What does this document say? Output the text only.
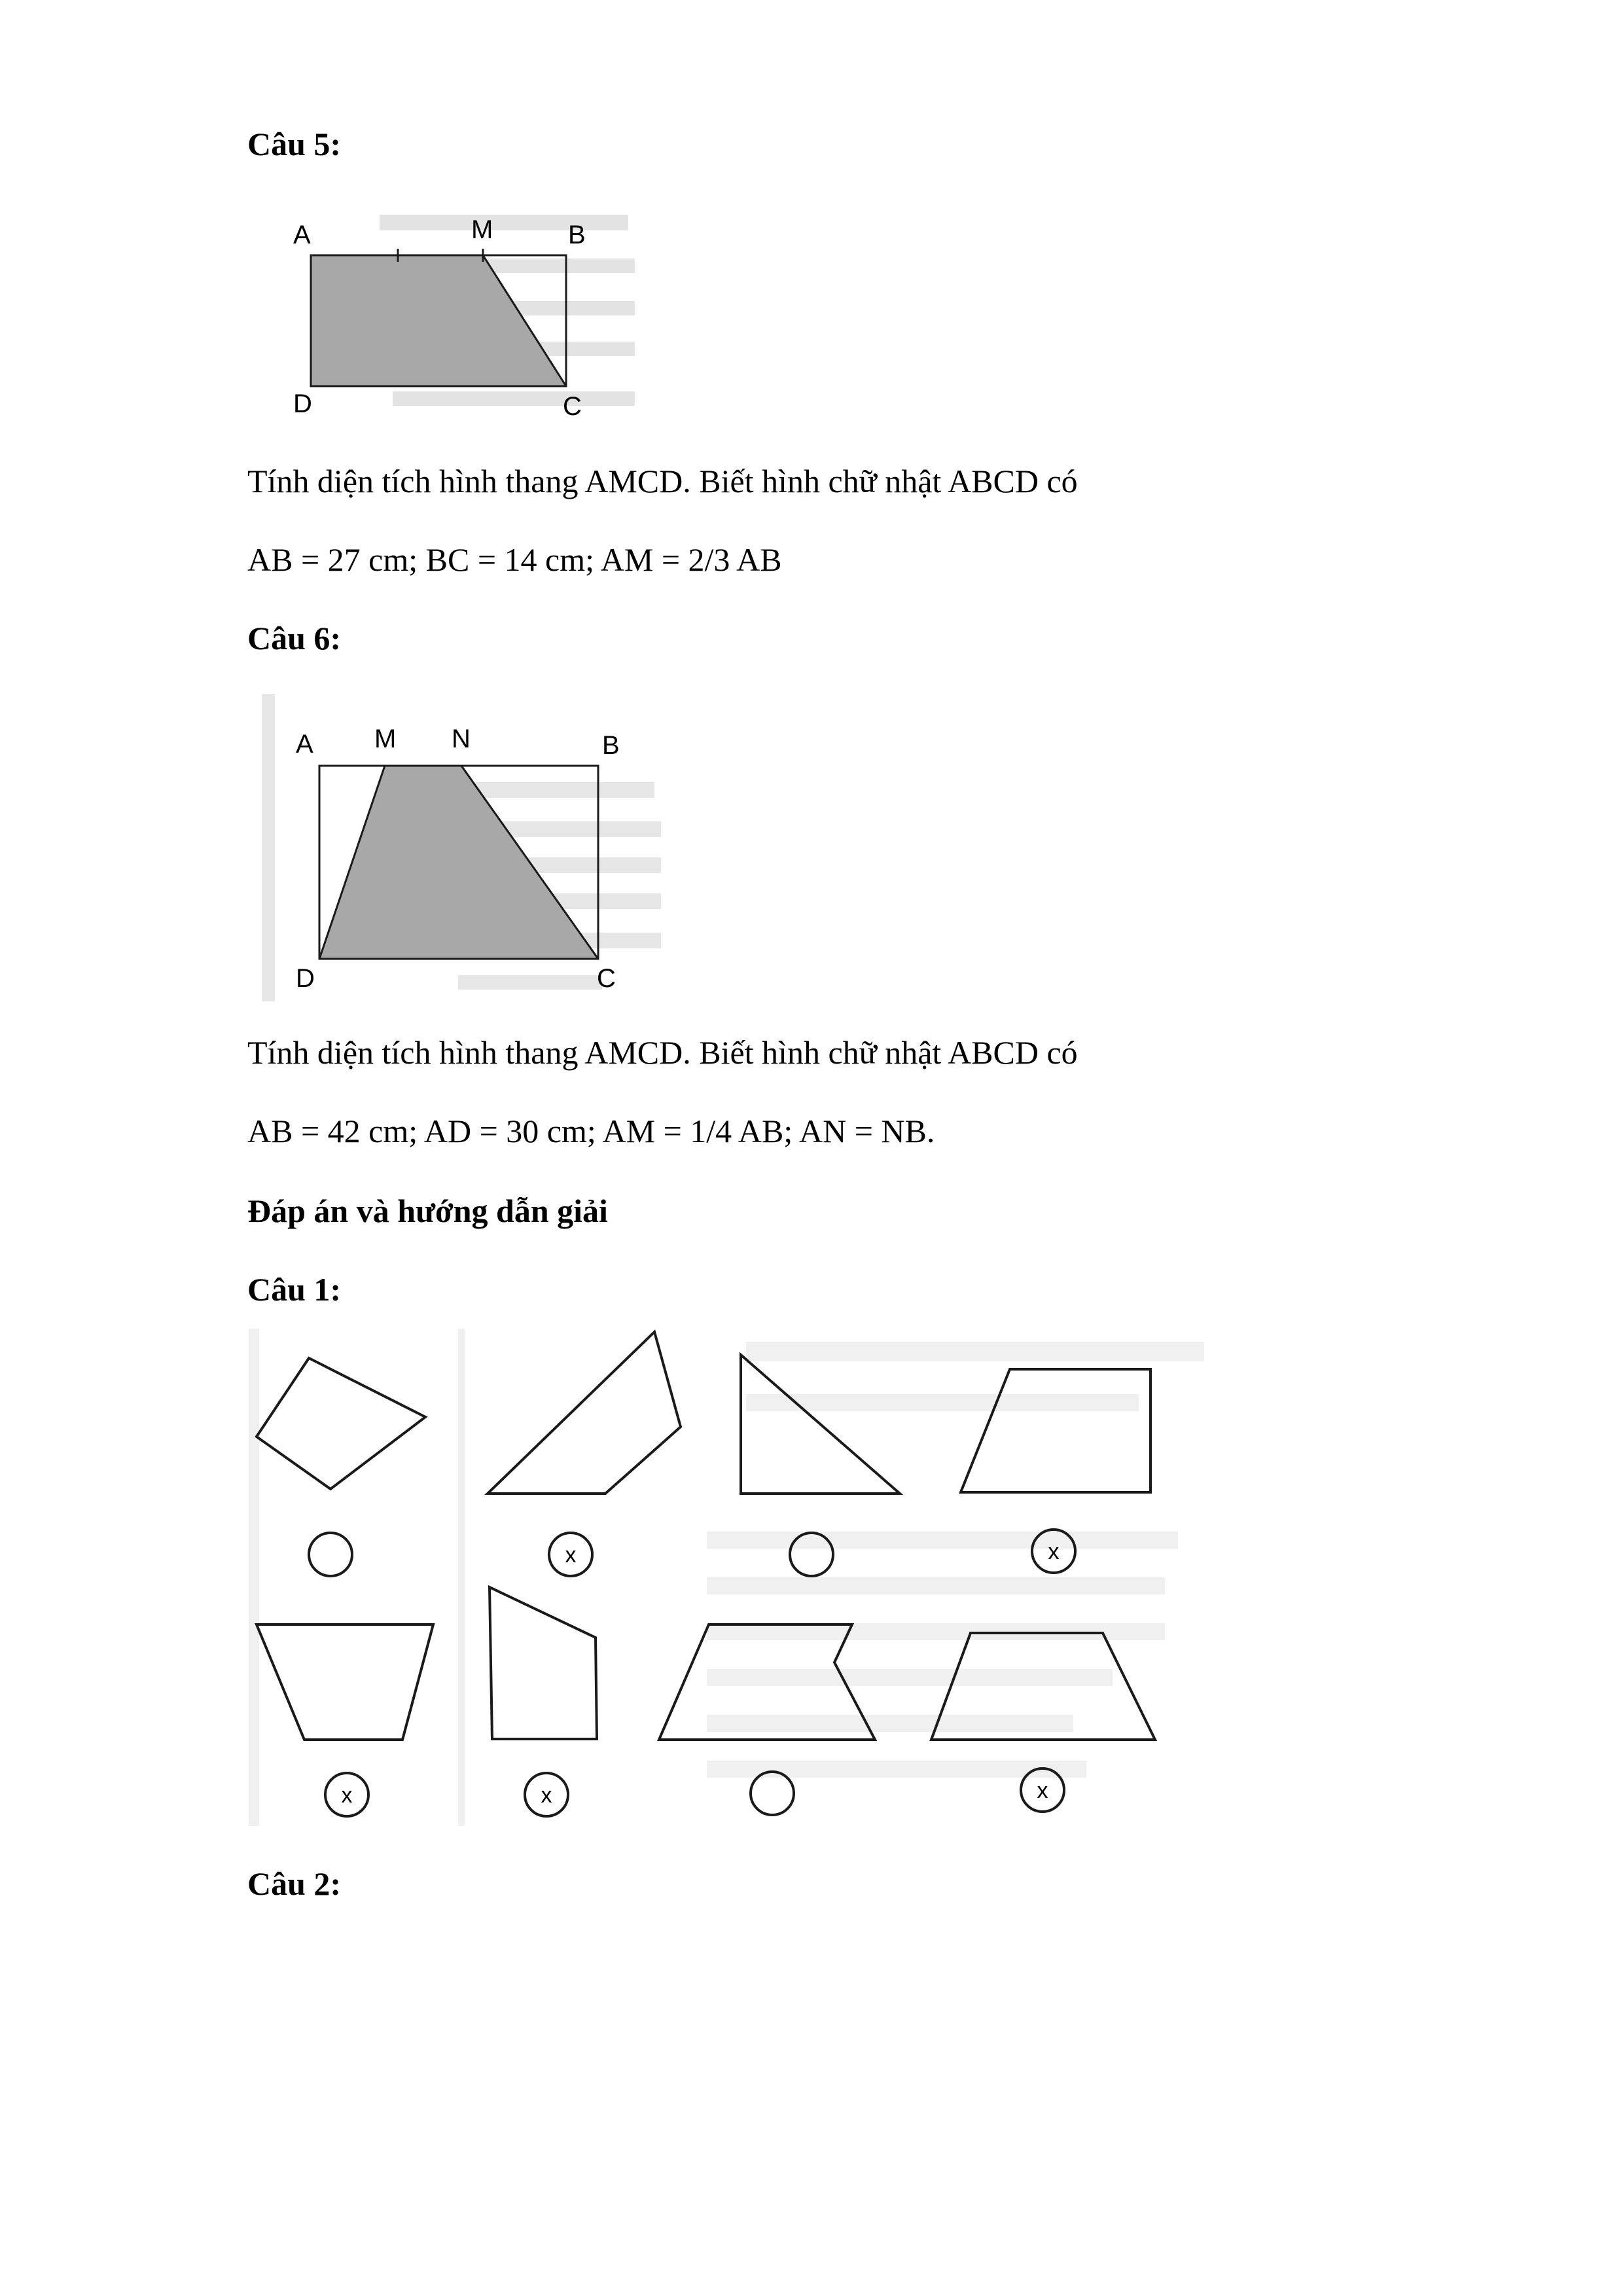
Câu 5:
A	M	B
D	C
Tính diện tích hình thang AMCD. Biết hình chữ nhật ABCD có
AB = 27 cm; BC = 14 cm; AM = 2/3 AB
Câu 6:
A M N	B
D	C
Tính diện tích hình thang AMCD. Biết hình chữ nhật ABCD có
AB = 42 cm; AD = 30 cm; AM = 1/4 AB; AN = NB.
Đáp án và hướng dẫn giải
Câu 1:
x	x
x	x	x
Câu 2:
